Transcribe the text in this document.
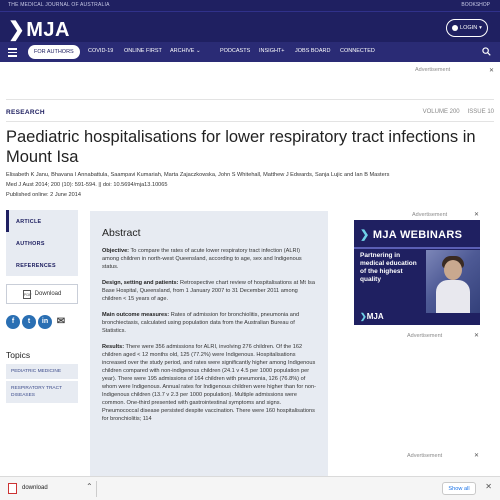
THE MEDICAL JOURNAL OF AUSTRALIA	BOOKSHOP
❯MJA	LOGIN ▾
FOR AUTHORS	COVID-19 ONLINE FIRST ARCHIVE ⌄	PODCASTS INSIGHT+ JOBS BOARD CONNECTED
Advertisement	✕
RESEARCH	VOLUME 200 ISSUE 10
Paediatric hospitalisations for lower respiratory tract infections in Mount Isa
Elisabeth K Janu, Bhavana I Annabattula, Saampavi Kumariah, Marta Zajaczkowska, John S Whitehall, Matthew J Edwards, Sanja Lujic and Ian B Masters
Med J Aust 2014; 200 (10): 591-594. || doi: 10.5694/mja13.10065
Published online: 2 June 2014
ARTICLE
AUTHORS
REFERENCES
PDF Download
f	t	in ✉
Topics
PEDIATRIC MEDICINE
RESPIRATORY TRACT DISEASES
Abstract

Objective: To compare the rates of acute lower respiratory tract infection (ALRI) among children in north-west Queensland, according to age, sex and Indigenous status.

Design, setting and patients: Retrospective chart review of hospitalisations at Mt Isa Base Hospital, Queensland, from 1 January 2007 to 31 December 2011 among children < 15 years of age.

Main outcome measures: Rates of admission for bronchiolitis, pneumonia and bronchiectasis, calculated using population data from the Australian Bureau of Statistics.

Results: There were 356 admissions for ALRI, involving 276 children. Of the 162 children aged < 12 months old, 125 (77.2%) were Indigenous. Hospitalisations increased over the study period, and rates were significantly higher among Indigenous children compared with non-indigenous children (24.1 v 4.5 per 1000 population per year). There were 195 admissions of 164 children with pneumonia, 126 (76.8%) of whom were Indigenous. Annual rates for Indigenous children were higher than for non-Indigenous children (13.7 v 2.3 per 1000 population). Multiple admissions were common. One-third presented with gastrointestinal symptoms and signs. Pneumococcal disease persisted despite vaccination. There were 160 hospitalisations for bronchiolitis; 114

Advertisement	✕
❯ MJA WEBINARS
Partnering in medical education of the highest quality
❯MJA
Advertisement	✕
Advertisement	✕
download	⌃	Show all	✕
